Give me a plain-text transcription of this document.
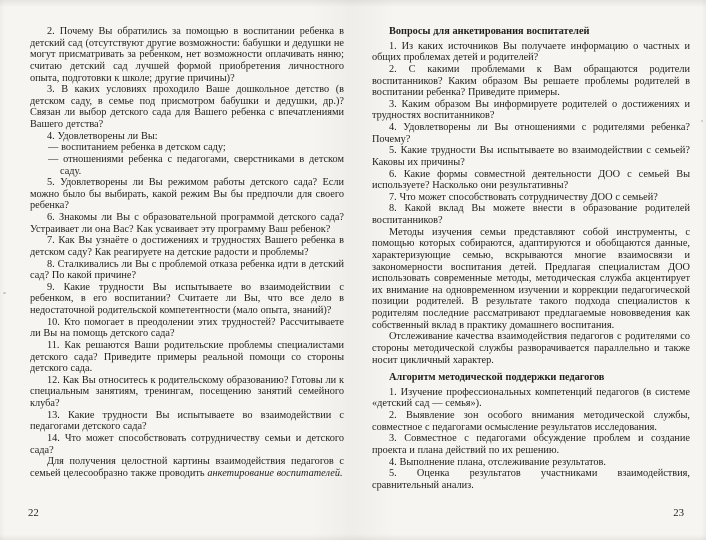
2. Почему Вы обратились за помощью в воспитании ребенка в детский сад (отсутствуют другие возможности: бабушки и дедушки не могут присматривать за ребенком, нет возможности оплачивать няню; считаю детский сад лучшей формой приобретения личностного опыта, подготовки к школе; другие причины)?

3. В каких условиях проходило Ваше дошкольное детство (в детском саду, в семье под присмотром бабушки и дедушки, др.)? Связан ли выбор детского сада для Вашего ребенка с впечатлениями Вашего детства?

4. Удовлетворены ли Вы:

— воспитанием ребенка в детском саду;

— отношениями ребенка с педагогами, сверстниками в детском саду.

5. Удовлетворены ли Вы режимом работы детского сада? Если можно было бы выбирать, какой режим Вы бы предпочли для своего ребенка?

6. Знакомы ли Вы с образовательной программой детского сада? Устраивает ли она Вас? Как усваивает эту программу Ваш ребенок?

7. Как Вы узнаёте о достижениях и трудностях Вашего ребенка в детском саду? Как реагируете на детские радости и проблемы?

8. Сталкивались ли Вы с проблемой отказа ребенка идти в детский сад? По какой причине?

9. Какие трудности Вы испытываете во взаимодействии с ребенком, в его воспитании? Считаете ли Вы, что все дело в недостаточной родительской компетентности (мало опыта, знаний)?

10. Кто помогает в преодолении этих трудностей? Рассчитываете ли Вы на помощь детского сада?

11. Как решаются Ваши родительские проблемы специалистами детского сада? Приведите примеры реальной помощи со стороны детского сада.

12. Как Вы относитесь к родительскому образованию? Готовы ли к специальным занятиям, тренингам, посещению занятий семейного клуба?

13. Какие трудности Вы испытываете во взаимодействии с педагогами детского сада?

14. Что может способствовать сотрудничеству семьи и детского сада?

Для получения целостной картины взаимодействия педагогов с семьей целесообразно также проводить анкетирование воспитателей.

Вопросы для анкетирования воспитателей

1. Из каких источников Вы получаете информацию о частных и общих проблемах детей и родителей?

2. С какими проблемами к Вам обращаются родители воспитанников? Каким образом Вы решаете проблемы родителей в воспитании ребенка? Приведите примеры.

3. Каким образом Вы информируете родителей о достижениях и трудностях воспитанников?

4. Удовлетворены ли Вы отношениями с родителями ребенка? Почему?

5. Какие трудности Вы испытываете во взаимодействии с семьей? Каковы их причины?

6. Какие формы совместной деятельности ДОО с семьей Вы используете? Насколько они результативны?

7. Что может способствовать сотрудничеству ДОО с семьей?

8. Какой вклад Вы можете внести в образование родителей воспитанников?

Методы изучения семьи представляют собой инструменты, с помощью которых собираются, адаптируются и обобщаются данные, характеризующие семью, вскрываются многие взаимосвязи и закономерности воспитания детей. Предлагая специалистам ДОО использовать современные методы, методическая служба акцентирует их внимание на одновременном изучении и коррекции педагогической позиции родителей. В результате такого подхода специалистов к родителям последние рассматривают предлагаемые нововведения как собственный вклад в практику домашнего воспитания.

Отслеживание качества взаимодействия педагогов с родителями со стороны методической службы разворачивается параллельно и также носит цикличный характер.

Алгоритм методической поддержки педагогов

1. Изучение профессиональных компетенций педагогов (в системе «детский сад — семья»).

2. Выявление зон особого внимания методической службы, совместное с педагогами осмысление результатов исследования.

3. Совместное с педагогами обсуждение проблем и создание проекта и плана действий по их решению.

4. Выполнение плана, отслеживание результатов.

5. Оценка результатов участниками взаимодействия, сравнительный анализ.

22	23
